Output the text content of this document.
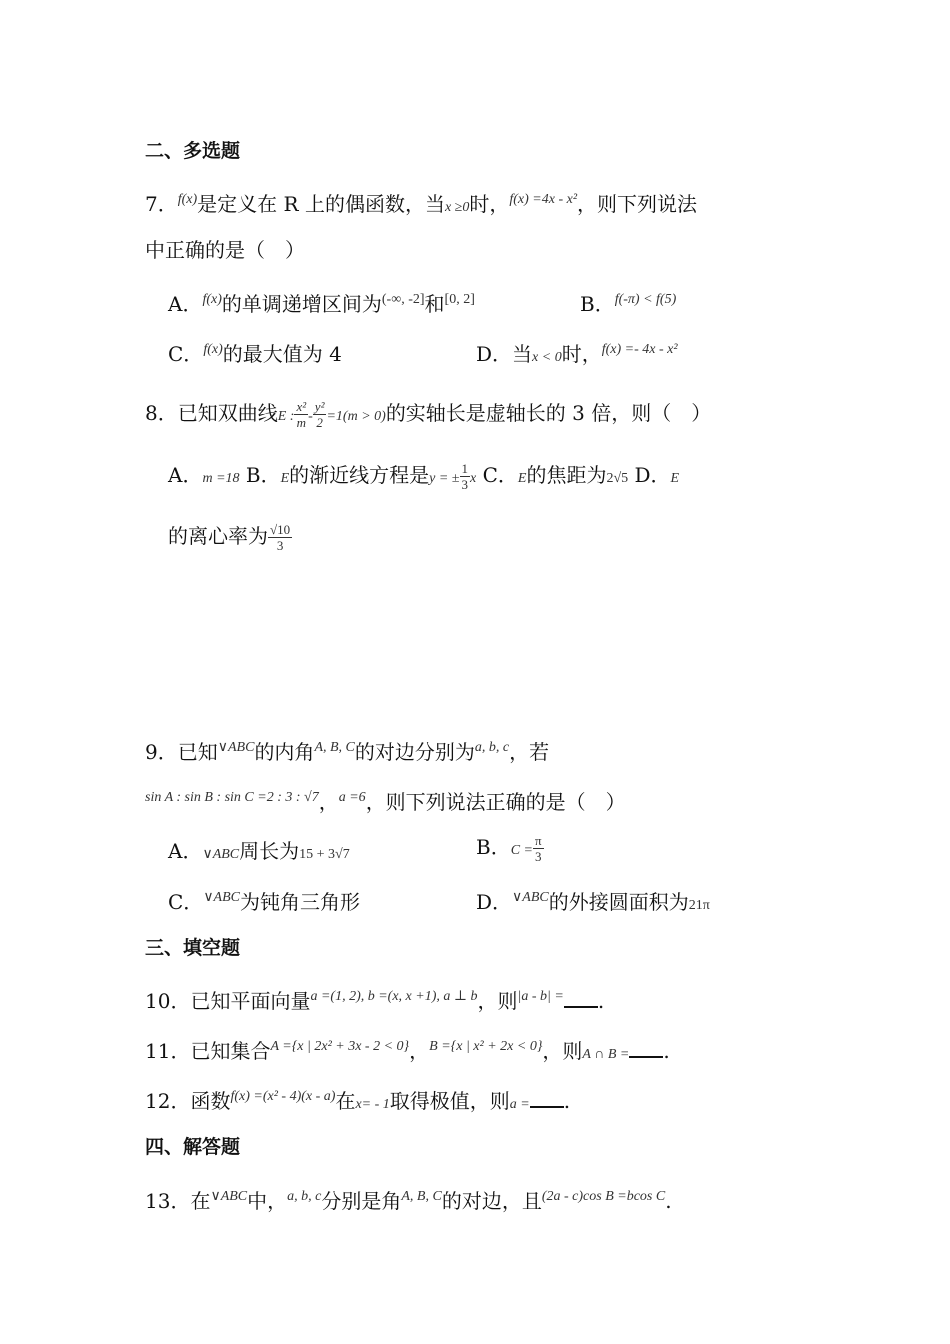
二、多选题
7．$^{f(x)}$是定义在 R 上的偶函数，当x ≥0时，$^{f(x) =4x - x^2}$，则下列说法
中正确的是（　）
A．$^{f(x)}$的单调递增区间为$^{(-\infty, -2]}$和[0, 2]	B．$^{f(-\pi) < f(5)}$
C．$^{f(x)}$的最大值为 4	D．当x < 0时，$^{f(x) =- 4x - x^2}$
8．已知双曲线E : $\frac{\text{x²}}{m} - \frac{\text{y²}}{2} =1(m > 0)$的实轴长是虚轴长的 3 倍，则（　）
A．m =18 B．E的渐近线方程是y = ± $\frac{1}{3}$ x C．E的焦距为2√5 D．E
的离心率为 $\frac{√10}{3}$
9．已知$^{\vee ABC}$的内角$^{A, B, C}$的对边分别为$^{a, b, c}$，若
$^{sin A : sin B : sin C =2 : 3 : √7}$，$^{a =6}$，则下列说法正确的是（　）
A．∨ABC周长为15 + 3√7	B．$C = \frac{\pi}{3}$
C．$^{\vee ABC}$为钝角三角形	D．$^{\vee ABC}$的外接圆面积为21π
三、填空题
10．已知平面向量$^{a =(1, 2), b =(x, x +1), a \perp b}$，则$^{|a - b| =}$ .
11．已知集合$^{A =\{x | 2x^2 + 3x - 2 < 0\}}$，$^{B =\{x | x^2 + 2x < 0\}}$，则A ∩ B = .
12．函数$^{f(x) =(x^2 - 4)(x - a)}$在x= - 1取得极值，则a = .
四、解答题
13．在$^{\vee ABC}$中，$^{a, b, c}$分别是角$^{A, B, C}$的对边，且$^{(2a - c)cos B =bcos C}$.
